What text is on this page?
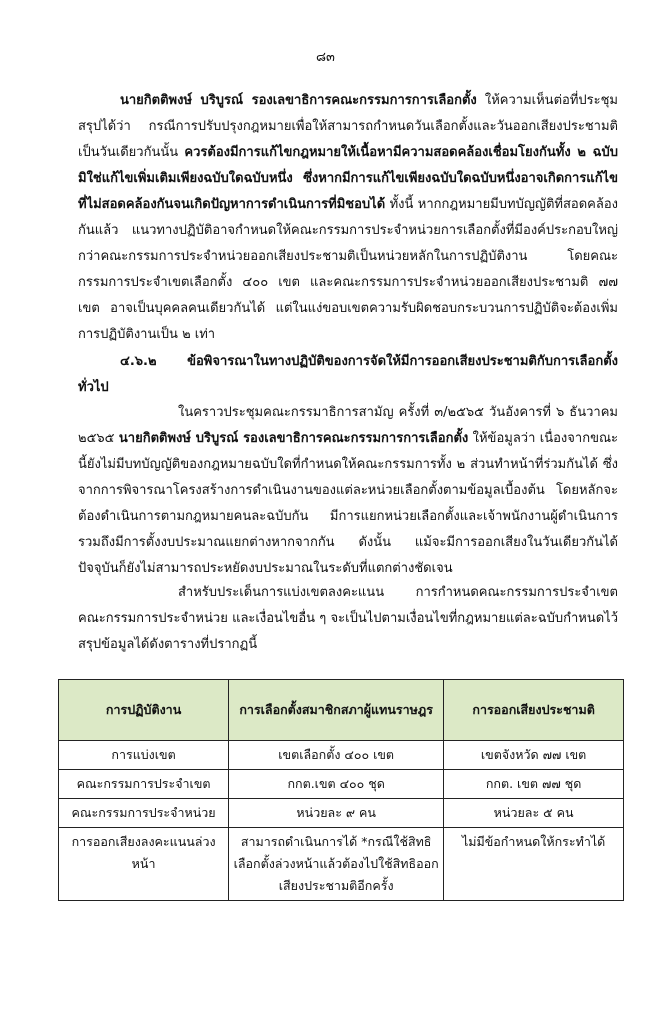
๘๓

นายกิตติพงษ์ บริบูรณ์ รองเลขาธิการคณะกรรมการการเลือกตั้ง ให้ความเห็นต่อที่ประชุมสรุปได้ว่า กรณีการปรับปรุงกฎหมายเพื่อให้สามารถกำหนดวันเลือกตั้งและวันออกเสียงประชามติเป็นวันเดียวกันนั้น ควรต้องมีการแก้ไขกฎหมายให้เนื้อหามีความสอดคล้องเชื่อมโยงกันทั้ง ๒ ฉบับ มิใช่แก้ไขเพิ่มเติมเพียงฉบับใดฉบับหนึ่ง ซึ่งหากมีการแก้ไขเพียงฉบับใดฉบับหนึ่งอาจเกิดการแก้ไขที่ไม่สอดคล้องกันจนเกิดปัญหาการดำเนินการที่มิชอบได้ ทั้งนี้ หากกฎหมายมีบทบัญญัติที่สอดคล้องกันแล้ว แนวทางปฏิบัติอาจกำหนดให้คณะกรรมการประจำหน่วยการเลือกตั้งที่มีองค์ประกอบใหญ่กว่าคณะกรรมการประจำหน่วยออกเสียงประชามติเป็นหน่วยหลักในการปฏิบัติงาน โดยคณะกรรมการประจำเขตเลือกตั้ง ๔๐๐ เขต และคณะกรรมการประจำหน่วยออกเสียงประชามติ ๗๗ เขต อาจเป็นบุคคลคนเดียวกันได้ แต่ในแง่ขอบเขตความรับผิดชอบกระบวนการปฏิบัติจะต้องเพิ่มการปฏิบัติงานเป็น ๒ เท่า

๔.๖.๒ ข้อพิจารณาในทางปฏิบัติของการจัดให้มีการออกเสียงประชามติกับการเลือกตั้งทั่วไป

ในคราวประชุมคณะกรรมาธิการสามัญ ครั้งที่ ๓/๒๕๖๕ วันอังคารที่ ๖ ธันวาคม ๒๕๖๕ นายกิตติพงษ์ บริบูรณ์ รองเลขาธิการคณะกรรมการการเลือกตั้ง ให้ข้อมูลว่า เนื่องจากขณะนี้ยังไม่มีบทบัญญัติของกฎหมายฉบับใดที่กำหนดให้คณะกรรมการทั้ง ๒ ส่วนทำหน้าที่ร่วมกันได้ ซึ่งจากการพิจารณาโครงสร้างการดำเนินงานของแต่ละหน่วยเลือกตั้งตามข้อมูลเบื้องต้น โดยหลักจะต้องดำเนินการตามกฎหมายคนละฉบับกัน มีการแยกหน่วยเลือกตั้งและเจ้าพนักงานผู้ดำเนินการรวมถึงมีการตั้งงบประมาณแยกต่างหากจากกัน ดังนั้น แม้จะมีการออกเสียงในวันเดียวกันได้ปัจจุบันก็ยังไม่สามารถประหยัดงบประมาณในระดับที่แตกต่างชัดเจน

สำหรับประเด็นการแบ่งเขตลงคะแนน การกำหนดคณะกรรมการประจำเขต คณะกรรมการประจำหน่วย และเงื่อนไขอื่น ๆ จะเป็นไปตามเงื่อนไขที่กฎหมายแต่ละฉบับกำหนดไว้ สรุปข้อมูลได้ดังตารางที่ปรากฏนี้

การปฏิบัติงาน	การเลือกตั้งสมาชิกสภาผู้แทนราษฎร	การออกเสียงประชามติ
การแบ่งเขต	เขตเลือกตั้ง ๔๐๐ เขต	เขตจังหวัด ๗๗ เขต
คณะกรรมการประจำเขต	กกต.เขต ๔๐๐ ชุด	กกต. เขต ๗๗ ชุด
คณะกรรมการประจำหน่วย	หน่วยละ ๙ คน	หน่วยละ ๕ คน
การออกเสียงลงคะแนนล่วงหน้า	สามารถดำเนินการได้ *กรณีใช้สิทธิเลือกตั้งล่วงหน้าแล้วต้องไปใช้สิทธิออกเสียงประชามติอีกครั้ง	ไม่มีข้อกำหนดให้กระทำได้
